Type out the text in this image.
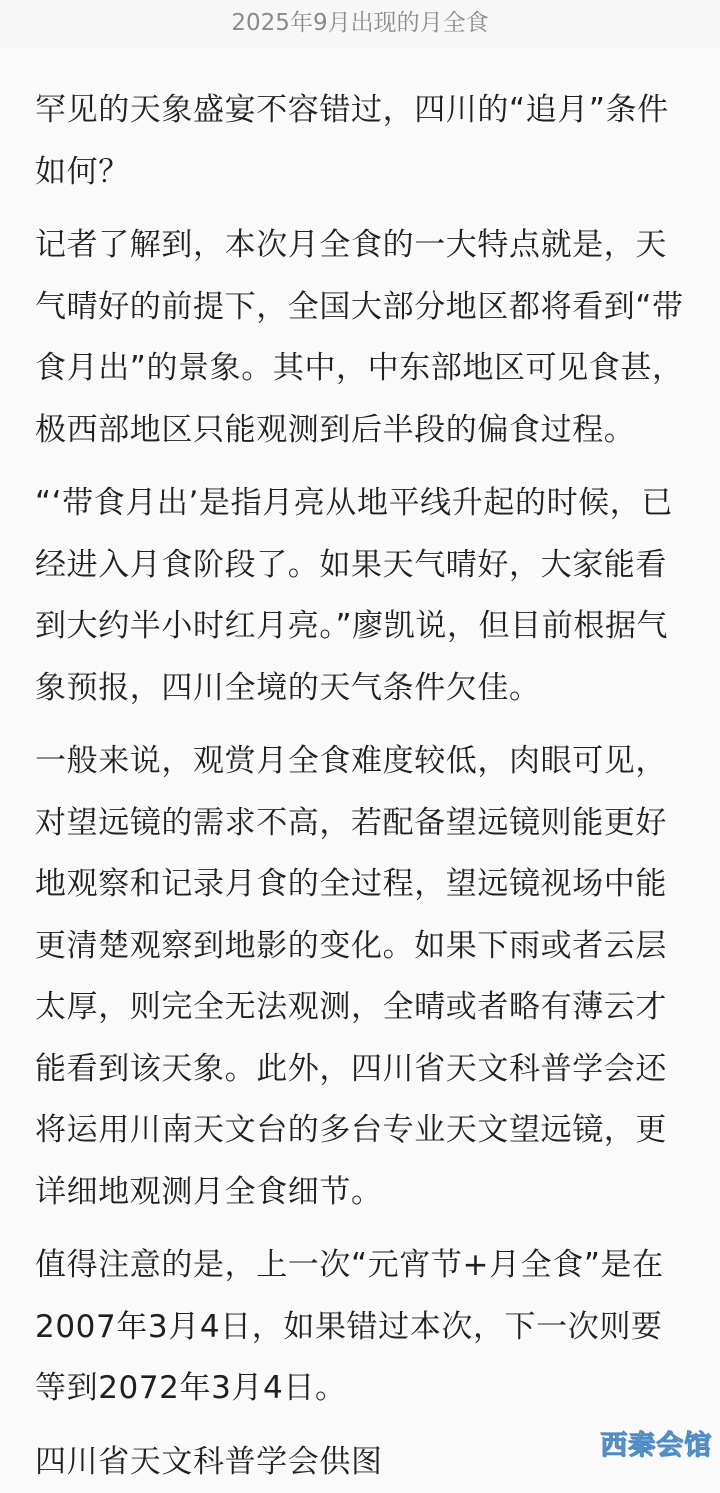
2025年9月出现的月全食

罕见的天象盛宴不容错过，四川的“追月”条件如何？

记者了解到，本次月全食的一大特点就是，天气晴好的前提下，全国大部分地区都将看到“带食月出”的景象。其中，中东部地区可见食甚，极西部地区只能观测到后半段的偏食过程。

“‘带食月出’是指月亮从地平线升起的时候，已经进入月食阶段了。如果天气晴好，大家能看到大约半小时红月亮。”廖凯说，但目前根据气象预报，四川全境的天气条件欠佳。

一般来说，观赏月全食难度较低，肉眼可见，对望远镜的需求不高，若配备望远镜则能更好地观察和记录月食的全过程，望远镜视场中能更清楚观察到地影的变化。如果下雨或者云层太厚，则完全无法观测，全晴或者略有薄云才能看到该天象。此外，四川省天文科普学会还将运用川南天文台的多台专业天文望远镜，更详细地观测月全食细节。

值得注意的是，上一次“元宵节+月全食”是在2007年3月4日，如果错过本次，下一次则要等到2072年3月4日。

四川省天文科普学会供图	西秦会馆
